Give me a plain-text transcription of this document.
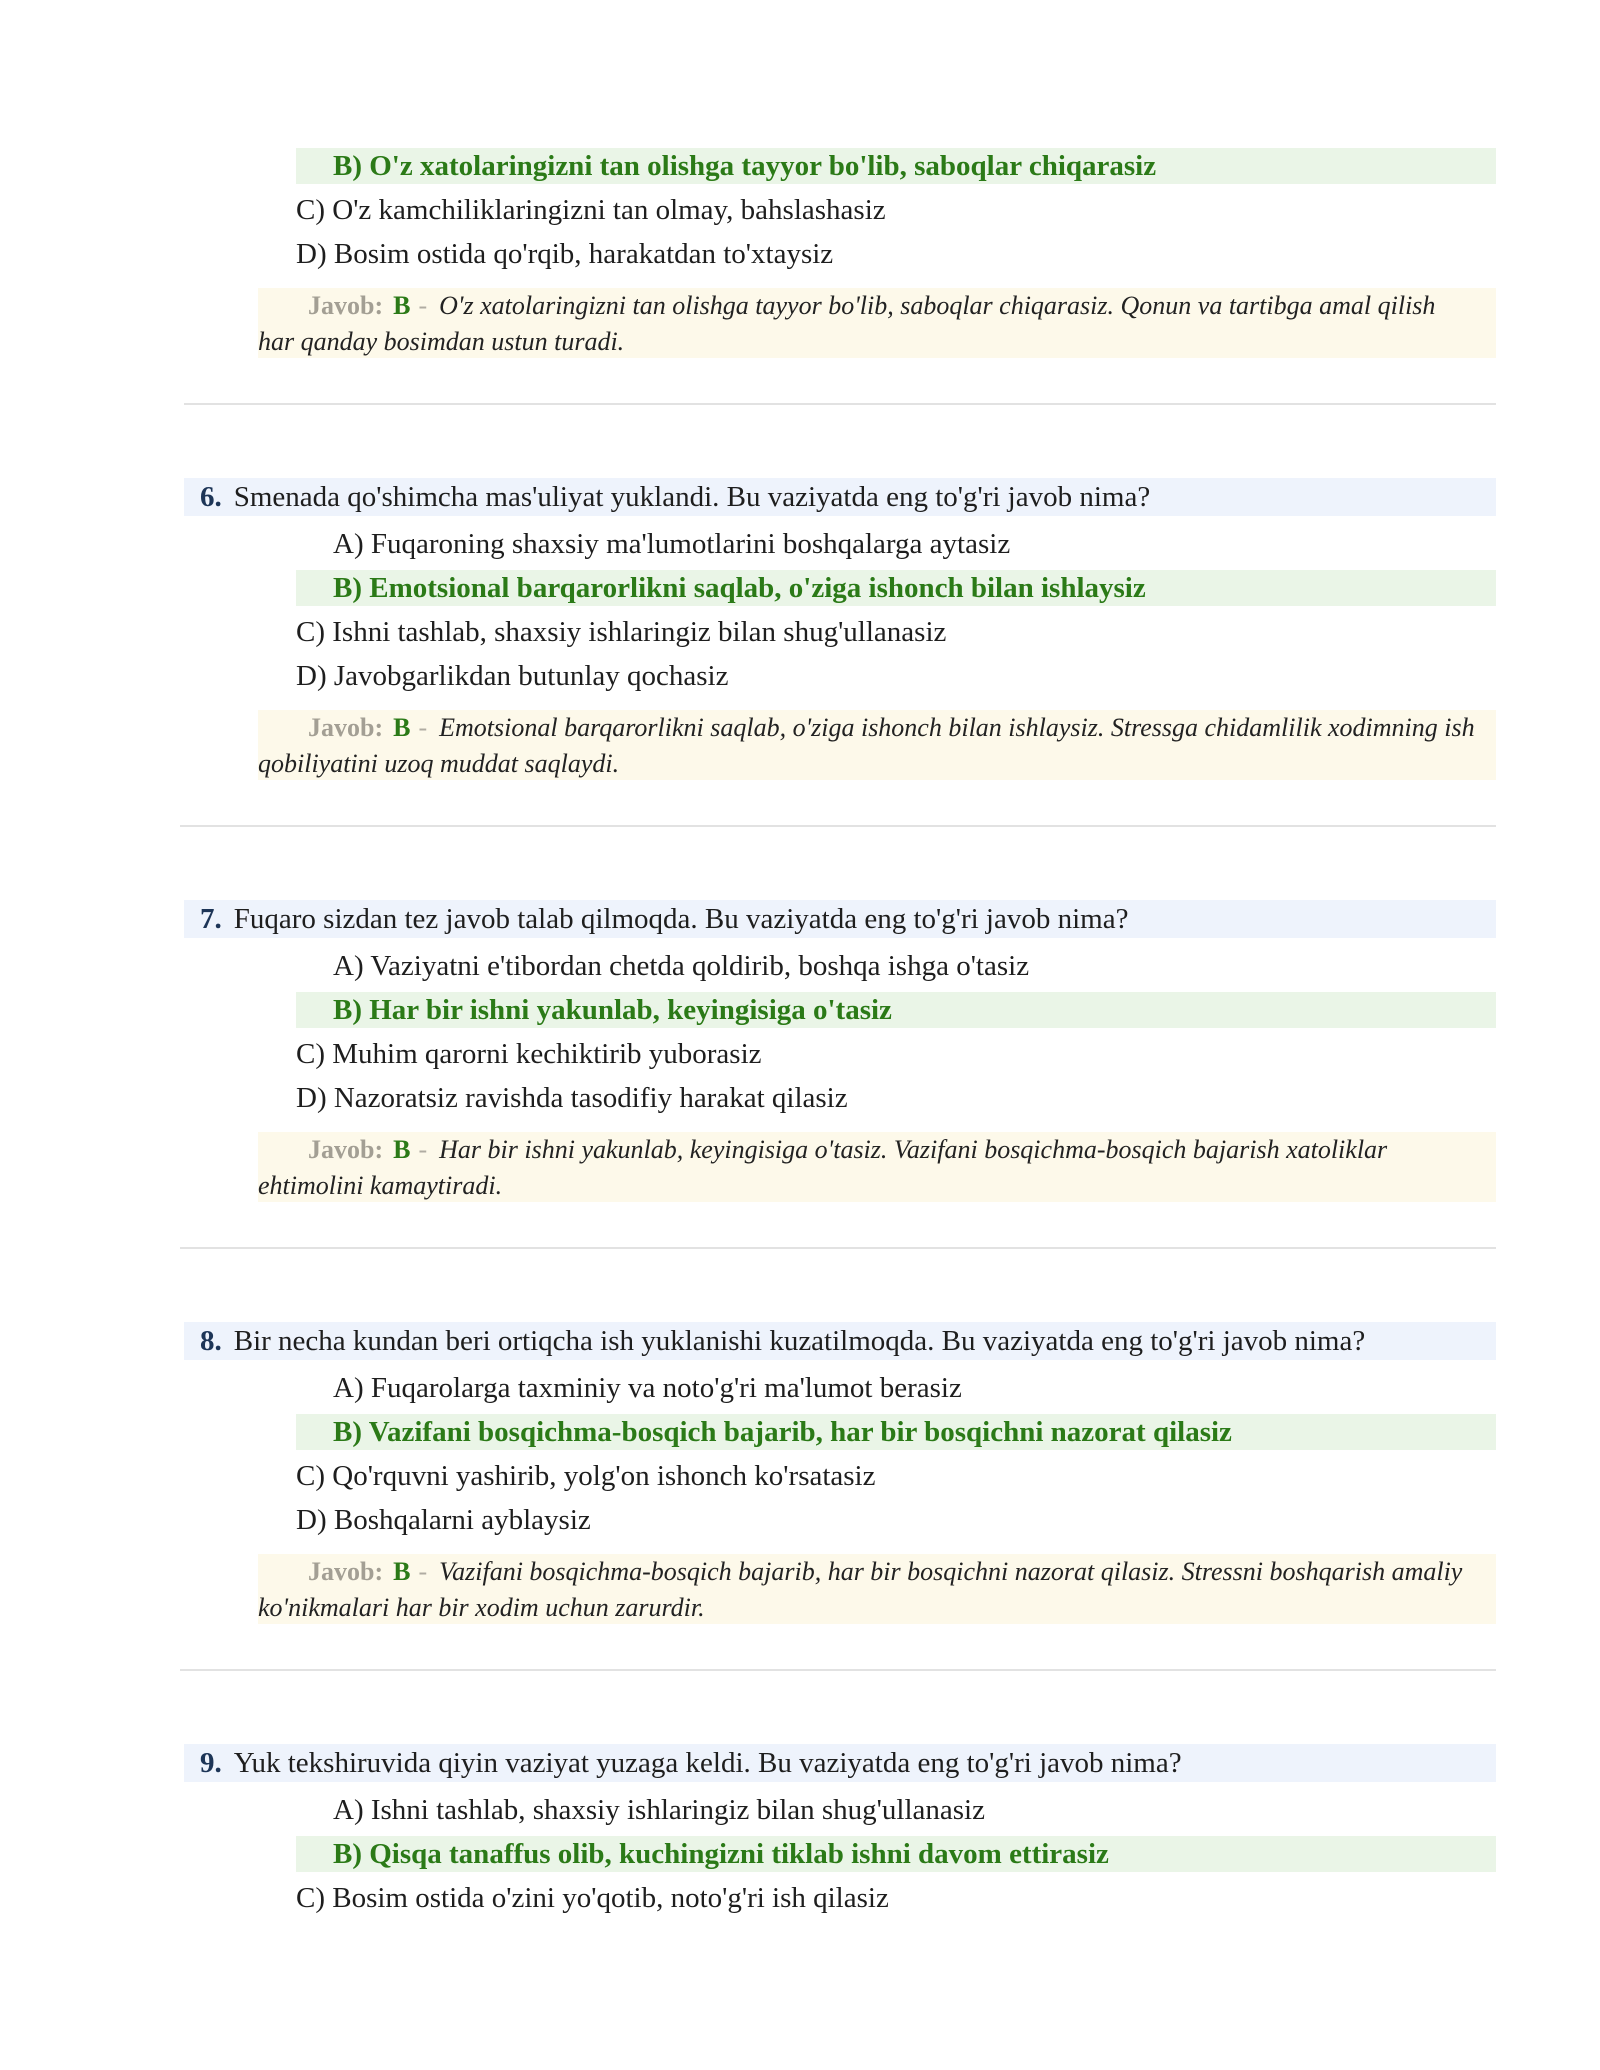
B) O'z xatolaringizni tan olishga tayyor bo'lib, saboqlar chiqarasiz
C) O'z kamchiliklaringizni tan olmay, bahslashasiz
D) Bosim ostida qo'rqib, harakatdan to'xtaysiz
Javob: B - O'z xatolaringizni tan olishga tayyor bo'lib, saboqlar chiqarasiz. Qonun va tartibga amal qilish har qanday bosimdan ustun turadi.
6. Smenada qo'shimcha mas'uliyat yuklandi. Bu vaziyatda eng to'g'ri javob nima?
A) Fuqaroning shaxsiy ma'lumotlarini boshqalarga aytasiz
B) Emotsional barqarorlikni saqlab, o'ziga ishonch bilan ishlaysiz
C) Ishni tashlab, shaxsiy ishlaringiz bilan shug'ullanasiz
D) Javobgarlikdan butunlay qochasiz
Javob: B - Emotsional barqarorlikni saqlab, o'ziga ishonch bilan ishlaysiz. Stressga chidamlilik xodimning ish qobiliyatini uzoq muddat saqlaydi.
7. Fuqaro sizdan tez javob talab qilmoqda. Bu vaziyatda eng to'g'ri javob nima?
A) Vaziyatni e'tibordan chetda qoldirib, boshqa ishga o'tasiz
B) Har bir ishni yakunlab, keyingisiga o'tasiz
C) Muhim qarorni kechiktirib yuborasiz
D) Nazoratsiz ravishda tasodifiy harakat qilasiz
Javob: B - Har bir ishni yakunlab, keyingisiga o'tasiz. Vazifani bosqichma-bosqich bajarish xatoliklar ehtimolini kamaytiradi.
8. Bir necha kundan beri ortiqcha ish yuklanishi kuzatilmoqda. Bu vaziyatda eng to'g'ri javob nima?
A) Fuqarolarga taxminiy va noto'g'ri ma'lumot berasiz
B) Vazifani bosqichma-bosqich bajarib, har bir bosqichni nazorat qilasiz
C) Qo'rquvni yashirib, yolg'on ishonch ko'rsatasiz
D) Boshqalarni ayblaysiz
Javob: B - Vazifani bosqichma-bosqich bajarib, har bir bosqichni nazorat qilasiz. Stressni boshqarish amaliy ko'nikmalari har bir xodim uchun zarurdir.
9. Yuk tekshiruvida qiyin vaziyat yuzaga keldi. Bu vaziyatda eng to'g'ri javob nima?
A) Ishni tashlab, shaxsiy ishlaringiz bilan shug'ullanasiz
B) Qisqa tanaffus olib, kuchingizni tiklab ishni davom ettirasiz
C) Bosim ostida o'zini yo'qotib, noto'g'ri ish qilasiz
